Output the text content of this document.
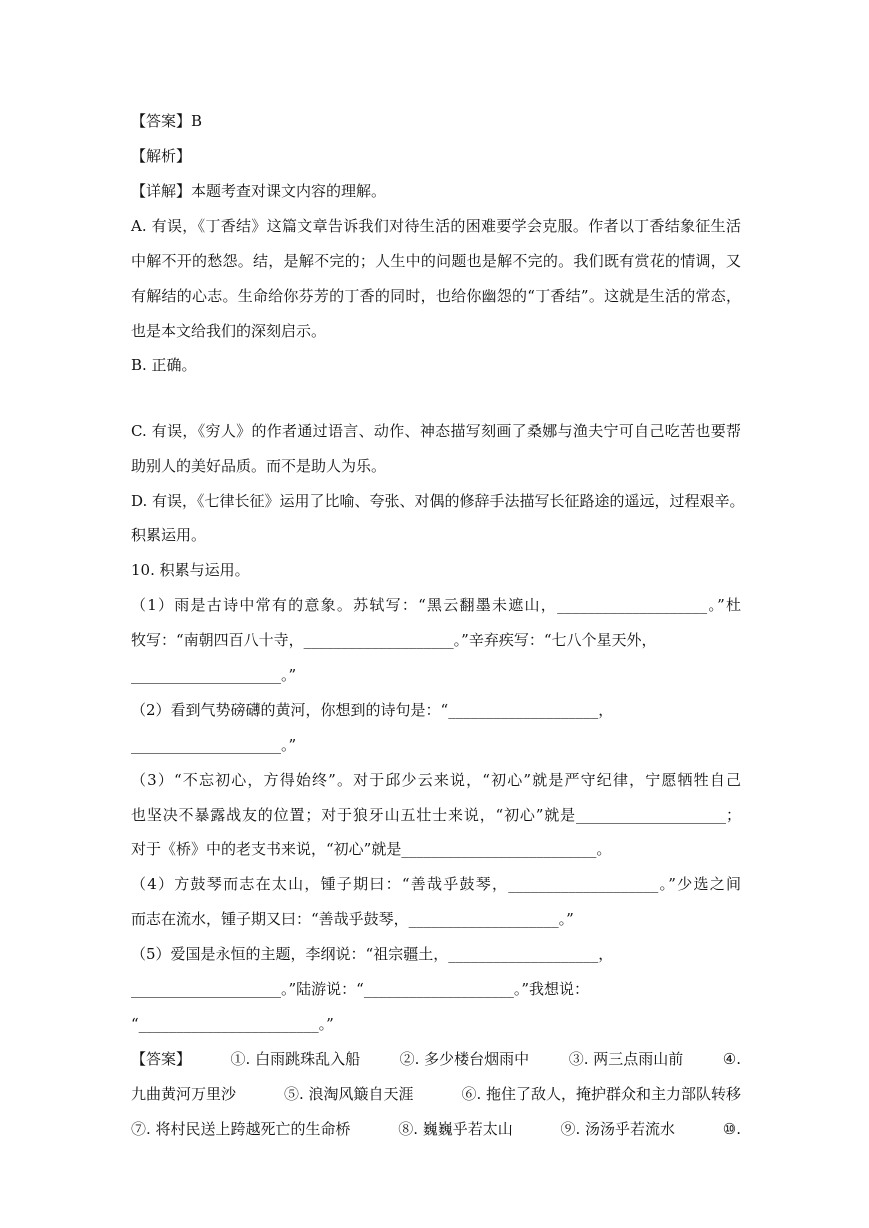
【答案】B
【解析】
【详解】本题考查对课文内容的理解。
A. 有误，《丁香结》这篇文章告诉我们对待生活的困难要学会克服。作者以丁香结象征生活
中解不开的愁怨。结，是解不完的；人生中的问题也是解不完的。我们既有赏花的情调，又
有解结的心志。生命给你芬芳的丁香的同时，也给你幽怨的“丁香结”。这就是生活的常态，
也是本文给我们的深刻启示。
B. 正确。
C. 有误，《穷人》的作者通过语言、动作、神态描写刻画了桑娜与渔夫宁可自己吃苦也要帮
助别人的美好品质。而不是助人为乐。
D. 有误，《七律长征》运用了比喻、夸张、对偶的修辞手法描写长征路途的遥远，过程艰辛。
积累运用。
10. 积累与运用。
（1）雨是古诗中常有的意象。苏轼写：“黑云翻墨未遮山，____________________。”杜
牧写：“南朝四百八十寺，____________________。”辛弃疾写：“七八个星天外，
____________________。”
（2）看到气势磅礴的黄河，你想到的诗句是：“____________________，
____________________。”
（3）“不忘初心，方得始终”。对于邱少云来说，“初心”就是严守纪律，宁愿牺牲自己
也坚决不暴露战友的位置；对于狼牙山五壮士来说，“初心”就是____________________；
对于《桥》中的老支书来说，“初心”就是__________________________。
（4）方鼓琴而志在太山，锺子期曰：“善哉乎鼓琴，____________________。”少选之间
而志在流水，锺子期又曰：“善哉乎鼓琴，____________________。”
（5）爱国是永恒的主题，李纲说：“祖宗疆土，____________________，
____________________。”陆游说：“____________________。”我想说：
“________________________。”
【答案】	①. 白雨跳珠乱入船	②. 多少楼台烟雨中	③. 两三点雨山前	④.
九曲黄河万里沙	⑤. 浪淘风簸自天涯	⑥. 拖住了敌人，掩护群众和主力部队转移
⑦. 将村民送上跨越死亡的生命桥	⑧. 巍巍乎若太山	⑨. 汤汤乎若流水	⑩.
